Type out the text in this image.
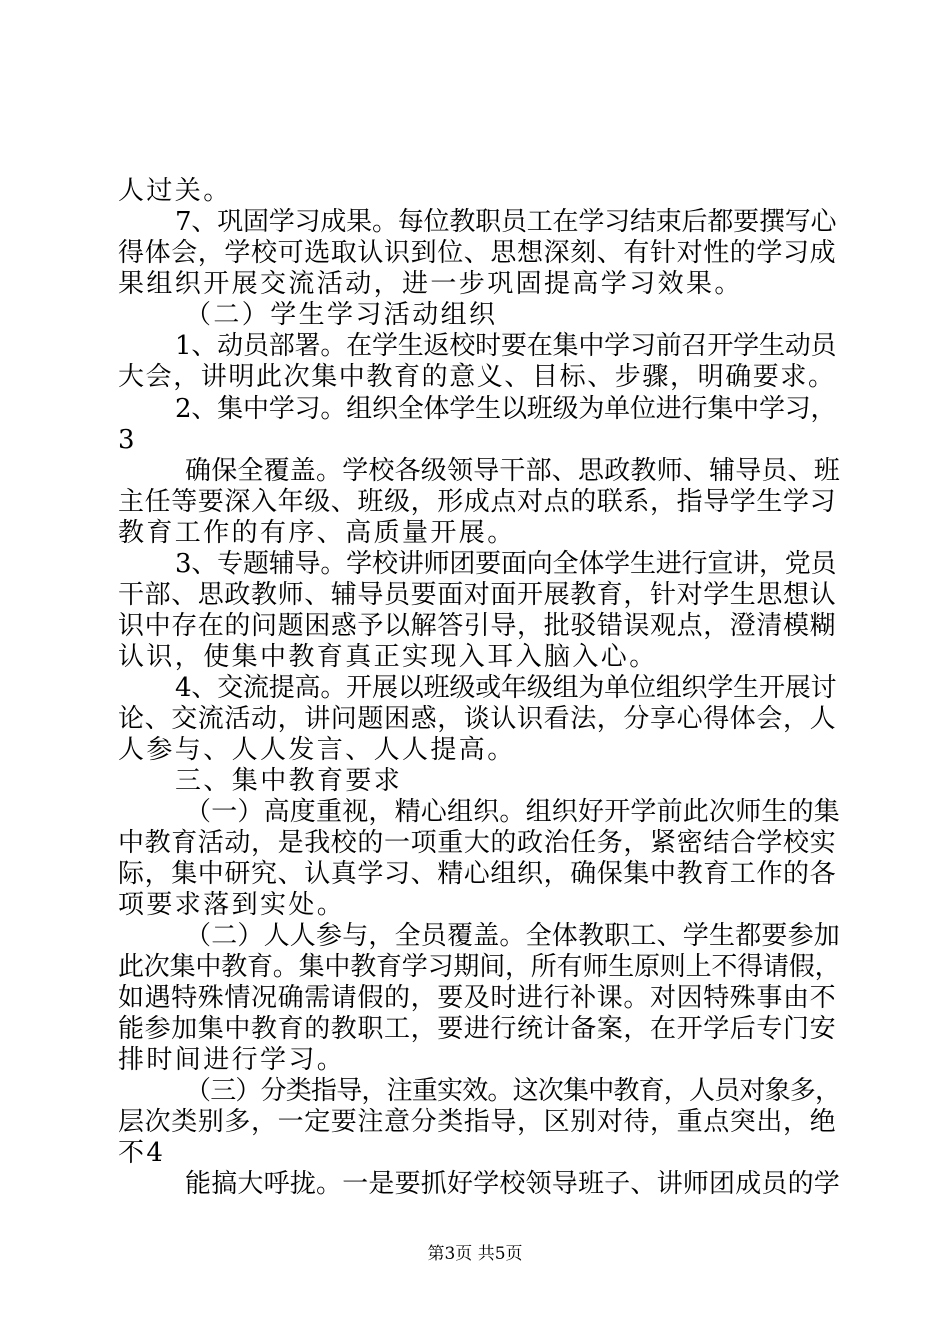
人过关。
7、巩固学习成果。每位教职员工在学习结束后都要撰写心
得体会，学校可选取认识到位、思想深刻、有针对性的学习成
果组织开展交流活动，进一步巩固提高学习效果。
（二）学生学习活动组织
1、动员部署。在学生返校时要在集中学习前召开学生动员
大会，讲明此次集中教育的意义、目标、步骤，明确要求。
2、集中学习。组织全体学生以班级为单位进行集中学习，
3
确保全覆盖。学校各级领导干部、思政教师、辅导员、班
主任等要深入年级、班级，形成点对点的联系，指导学生学习
教育工作的有序、高质量开展。
3、专题辅导。学校讲师团要面向全体学生进行宣讲，党员
干部、思政教师、辅导员要面对面开展教育，针对学生思想认
识中存在的问题困惑予以解答引导，批驳错误观点，澄清模糊
认识，使集中教育真正实现入耳入脑入心。
4、交流提高。开展以班级或年级组为单位组织学生开展讨
论、交流活动，讲问题困惑，谈认识看法，分享心得体会，人
人参与、人人发言、人人提高。
三、集中教育要求
（一）高度重视，精心组织。组织好开学前此次师生的集
中教育活动，是我校的一项重大的政治任务，紧密结合学校实
际，集中研究、认真学习、精心组织，确保集中教育工作的各
项要求落到实处。
（二）人人参与，全员覆盖。全体教职工、学生都要参加
此次集中教育。集中教育学习期间，所有师生原则上不得请假，
如遇特殊情况确需请假的，要及时进行补课。对因特殊事由不
能参加集中教育的教职工，要进行统计备案，在开学后专门安
排时间进行学习。
（三）分类指导，注重实效。这次集中教育，人员对象多，
层次类别多，一定要注意分类指导，区别对待，重点突出，绝
不4
能搞大呼拢。一是要抓好学校领导班子、讲师团成员的学
第3页 共5页
